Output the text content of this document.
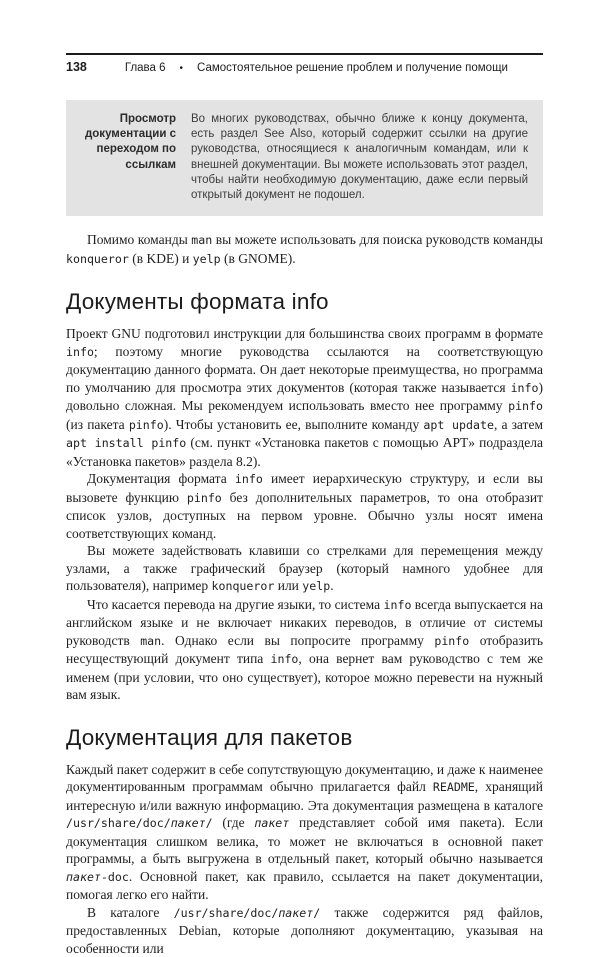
138	Глава 6 • Самостоятельное решение проблем и получение помощи
Просмотр документации с переходом по ссылкам
Во многих руководствах, обычно ближе к концу документа, есть раздел See Also, который содержит ссылки на другие руководства, относящиеся к аналогичным командам, или к внешней документации. Вы можете использовать этот раздел, чтобы найти необходимую документацию, даже если первый открытый документ не подошел.

Помимо команды man вы можете использовать для поиска руководств команды konqueror (в KDE) и yelp (в GNOME).

Документы формата info

Проект GNU подготовил инструкции для большинства своих программ в формате info; поэтому многие руководства ссылаются на соответствующую документацию данного формата. Он дает некоторые преимущества, но программа по умолчанию для просмотра этих документов (которая также называется info) довольно сложная. Мы рекомендуем использовать вместо нее программу pinfo (из пакета pinfo). Чтобы установить ее, выполните команду apt update, а затем apt install pinfo (см. пункт «Установка пакетов с помощью APT» подраздела «Установка пакетов» раздела 8.2).

Документация формата info имеет иерархическую структуру, и если вы вызовете функцию pinfo без дополнительных параметров, то она отобразит список узлов, доступных на первом уровне. Обычно узлы носят имена соответствующих команд.

Вы можете задействовать клавиши со стрелками для перемещения между узлами, а также графический браузер (который намного удобнее для пользователя), например konqueror или yelp.

Что касается перевода на другие языки, то система info всегда выпускается на английском языке и не включает никаких переводов, в отличие от системы руководств man. Однако если вы попросите программу pinfo отобразить несуществующий документ типа info, она вернет вам руководство с тем же именем (при условии, что оно существует), которое можно перевести на нужный вам язык.

Документация для пакетов

Каждый пакет содержит в себе сопутствующую документацию, и даже к наименее документированным программам обычно прилагается файл README, хранящий интересную и/или важную информацию. Эта документация размещена в каталоге /usr/share/doc/пакет/ (где пакет представляет собой имя пакета). Если документация слишком велика, то может не включаться в основной пакет программы, а быть выгружена в отдельный пакет, который обычно называется пакет-doc. Основной пакет, как правило, ссылается на пакет документации, помогая легко его найти.

В каталоге /usr/share/doc/пакет/ также содержится ряд файлов, предоставленных Debian, которые дополняют документацию, указывая на особенности или
